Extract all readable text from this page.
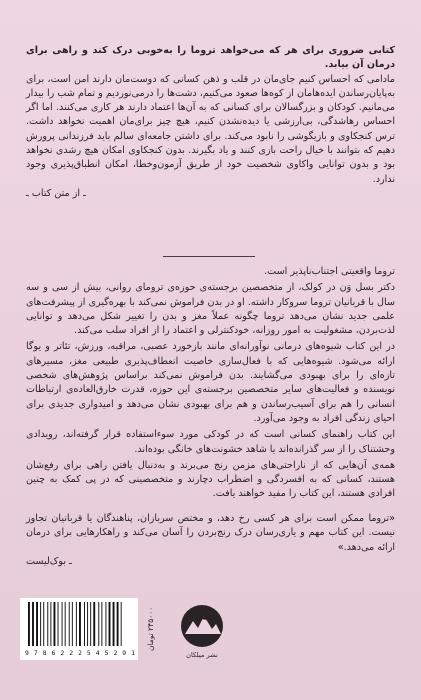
کتابی ضروری برای هر که می‌خواهد تروما را به‌خوبی درک کند و راهی برای درمان آن بیابد.

مادامی که احساس کنیم جای‌مان در قلب و ذهن کسانی که دوست‌مان دارند امن است، برای به‌پایان‌رساندن ایده‌هامان از کوه‌ها صعود می‌کنیم، دشت‌ها را درمی‌نوردیم و تمام شب را بیدار می‌مانیم. کودکان و بزرگسالان برای کسانی که به آن‌ها اعتماد دارند هر کاری می‌کنند. اما اگر احساس رهاشدگی، بی‌ارزشی یا دیده‌نشدن کنیم، هیچ چیز برای‌مان اهمیت نخواهد داشت. ترس کنجکاوی و بازیگوشی را نابود می‌کند. برای داشتن جامعه‌ای سالم باید فرزندانی پرورش دهیم که بتوانند با خیال راحت بازی کنند و یاد بگیرند. بدون کنجکاوی امکان هیچ رشدی نخواهد بود و بدون توانایی واکاوی شخصیت خود از طریق آزمون‌وخطا، امکان انطباق‌پذیری وجود ندارد.

ـ از متن کتاب ـ

تروما واقعیتی اجتناب‌ناپذیر است.

دکتر بسل وَن در کولک، از متخصصین برجسته‌ی حوزه‌ی ترومای روانی، بیش از سی و سه سال با قربانیان تروما سروکار داشته. او در بدن فراموش نمی‌کند با بهره‌گیری از پیشرفت‌های علمی جدید نشان می‌دهد تروما چگونه عملاً مغز و بدن را تغییر شکل می‌دهد و توانایی لذت‌بردن، مشغولیت به امور روزانه، خودکنترلی و اعتماد را از افراد سلب می‌کند.

در این کتاب شیوه‌های درمانی نوآورانه‌ای مانند بازخورد عصبی، مراقبه، ورزش، تئاتر و یوگا ارائه می‌شود. شیوه‌هایی که با فعال‌سازی خاصیت انعطاف‌پذیری طبیعی مغز، مسیرهای تازه‌ای را برای بهبودی می‌گشایند. بدن فراموش نمی‌کند براساس پژوهش‌های شخصی نویسنده و فعالیت‌های سایر متخصصین برجسته‌ی این حوزه، قدرت خارق‌العاده‌ی ارتباطات انسانی را هم برای آسیب‌رساندن و هم برای بهبودی نشان می‌دهد و امیدواری جدیدی برای احیای زندگی افراد به وجود می‌آورد.

این کتاب راهنمای کسانی است که در کودکی مورد سوءاستفاده قرار گرفته‌اند، رویدادی وحشتناک را از سر گذرانده‌اند یا شاهد خشونت‌های خانگی بوده‌اند.

همه‌ی آن‌هایی که از ناراحتی‌های مزمن رنج می‌برند و به‌دنبال یافتن راهی برای رفع‌شان هستند، کسانی که به افسردگی و اضطراب دچارند و متخصصینی که در پی کمک به چنین افرادی هستند، این کتاب را مفید خواهند یافت.

«تروما ممکن است برای هر کسی رخ دهد، و مختص سربازان، پناهندگان یا قربانیان تجاوز نیست. این کتاب مهم و یاری‌رسان درک رنج‌بردن را آسان می‌کند و راهکارهایی برای درمان ارائه می‌دهد.»

ـ بوک‌لیست

9 7 8 6 2 2 2 5 4 5 2 9 1
۲۴۵۰۰۰ تومان
نشر میلکان
